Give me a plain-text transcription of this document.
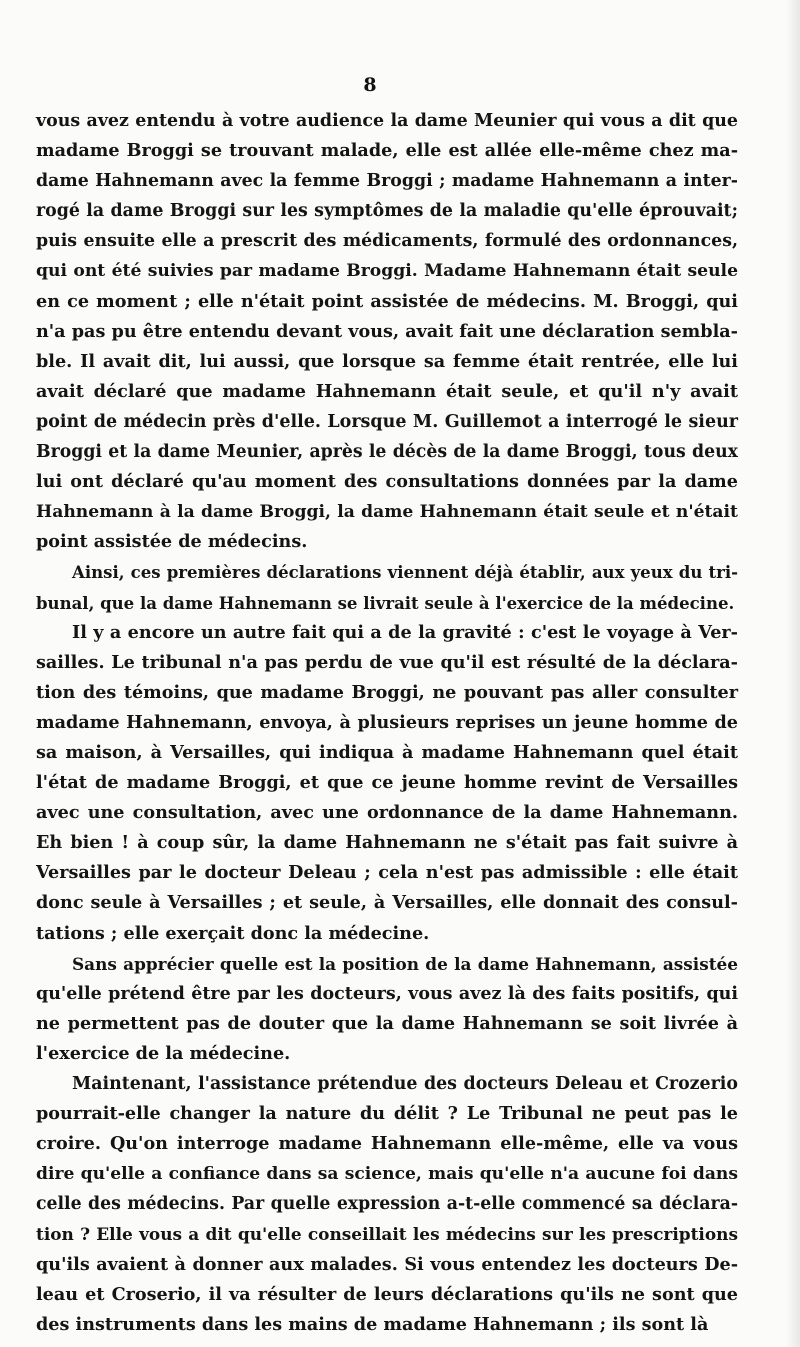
8

vous avez entendu à votre audience la dame Meunier qui vous a dit que
madame Broggi se trouvant malade, elle est allée elle-même chez ma-
dame Hahnemann avec la femme Broggi ; madame Hahnemann a inter-
rogé la dame Broggi sur les symptômes de la maladie qu'elle éprouvait;
puis ensuite elle a prescrit des médicaments, formulé des ordonnances,
qui ont été suivies par madame Broggi. Madame Hahnemann était seule
en ce moment ; elle n'était point assistée de médecins. M. Broggi, qui
n'a pas pu être entendu devant vous, avait fait une déclaration sembla-
ble. Il avait dit, lui aussi, que lorsque sa femme était rentrée, elle lui
avait déclaré que madame Hahnemann était seule, et qu'il n'y avait
point de médecin près d'elle. Lorsque M. Guillemot a interrogé le sieur
Broggi et la dame Meunier, après le décès de la dame Broggi, tous deux
lui ont déclaré qu'au moment des consultations données par la dame
Hahnemann à la dame Broggi, la dame Hahnemann était seule et n'était
point assistée de médecins.
Ainsi, ces premières déclarations viennent déjà établir, aux yeux du tri-
bunal, que la dame Hahnemann se livrait seule à l'exercice de la médecine.
Il y a encore un autre fait qui a de la gravité : c'est le voyage à Ver-
sailles. Le tribunal n'a pas perdu de vue qu'il est résulté de la déclara-
tion des témoins, que madame Broggi, ne pouvant pas aller consulter
madame Hahnemann, envoya, à plusieurs reprises un jeune homme de
sa maison, à Versailles, qui indiqua à madame Hahnemann quel était
l'état de madame Broggi, et que ce jeune homme revint de Versailles
avec une consultation, avec une ordonnance de la dame Hahnemann.
Eh bien ! à coup sûr, la dame Hahnemann ne s'était pas fait suivre à
Versailles par le docteur Deleau ; cela n'est pas admissible : elle était
donc seule à Versailles ; et seule, à Versailles, elle donnait des consul-
tations ; elle exerçait donc la médecine.
Sans apprécier quelle est la position de la dame Hahnemann, assistée
qu'elle prétend être par les docteurs, vous avez là des faits positifs, qui
ne permettent pas de douter que la dame Hahnemann se soit livrée à
l'exercice de la médecine.
Maintenant, l'assistance prétendue des docteurs Deleau et Crozerio
pourrait-elle changer la nature du délit ? Le Tribunal ne peut pas le
croire. Qu'on interroge madame Hahnemann elle-même, elle va vous
dire qu'elle a confiance dans sa science, mais qu'elle n'a aucune foi dans
celle des médecins. Par quelle expression a-t-elle commencé sa déclara-
tion ? Elle vous a dit qu'elle conseillait les médecins sur les prescriptions
qu'ils avaient à donner aux malades. Si vous entendez les docteurs De-
leau et Croserio, il va résulter de leurs déclarations qu'ils ne sont que
des instruments dans les mains de madame Hahnemann ; ils sont là
